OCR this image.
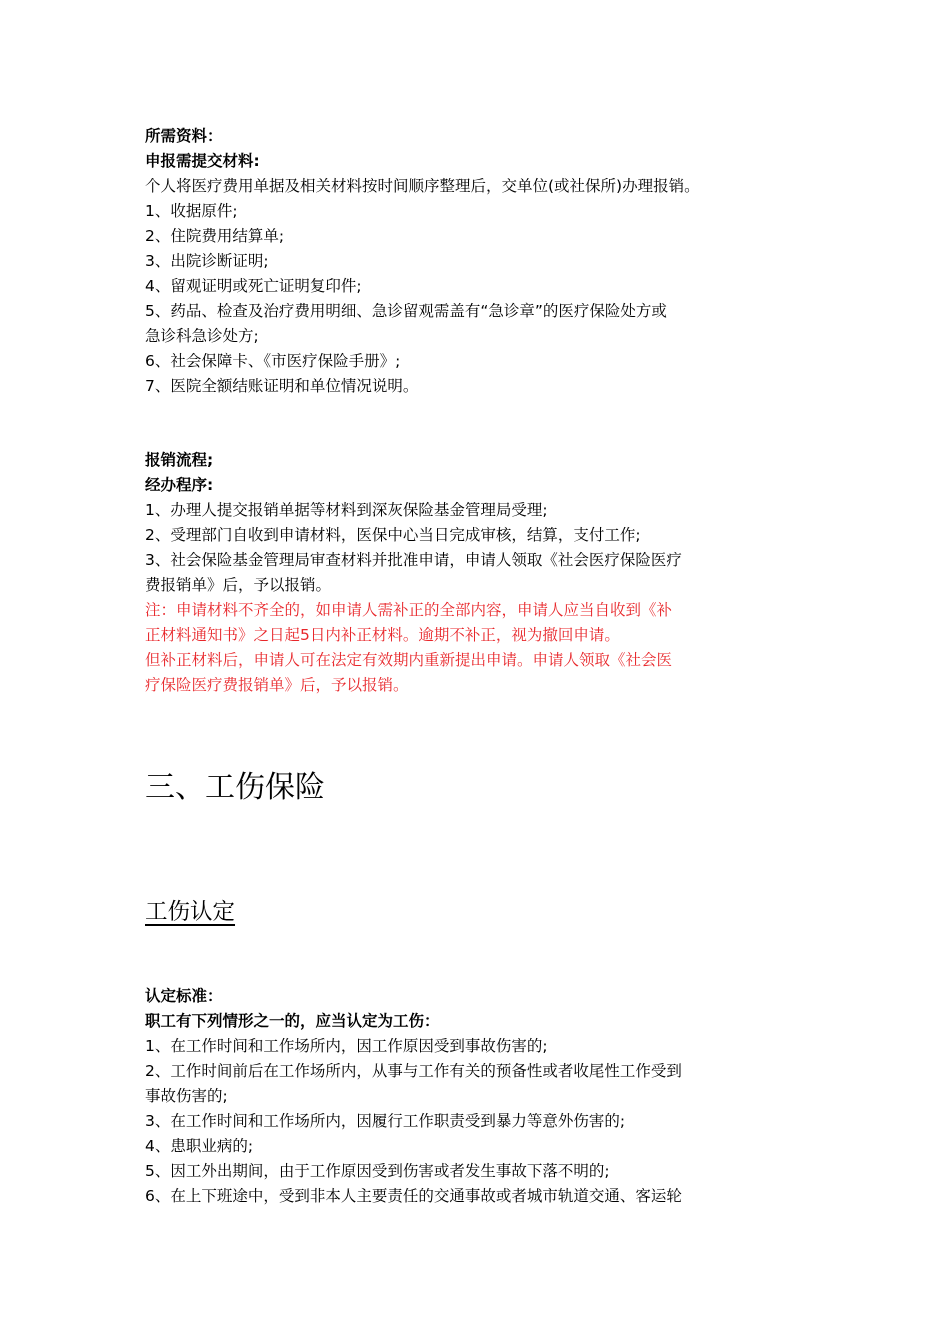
所需资料：

申报需提交材料:

个人将医疗费用单据及相关材料按时间顺序整理后，交单位(或社保所)办理报销。

1、收据原件;

2、住院费用结算单;

3、出院诊断证明;

4、留观证明或死亡证明复印件;

5、药品、检查及治疗费用明细、急诊留观需盖有“急诊章”的医疗保险处方或

急诊科急诊处方;

6、社会保障卡、《市医疗保险手册》;

7、医院全额结账证明和单位情况说明。

报销流程;

经办程序:

1、办理人提交报销单据等材料到深灰保险基金管理局受理;

2、受理部门自收到申请材料，医保中心当日完成审核，结算，支付工作;

3、社会保险基金管理局审查材料并批准申请，申请人领取《社会医疗保险医疗

费报销单》后，予以报销。

注：申请材料不齐全的，如申请人需补正的全部内容，申请人应当自收到《补

正材料通知书》之日起5日内补正材料。逾期不补正，视为撤回申请。

但补正材料后，申请人可在法定有效期内重新提出申请。申请人领取《社会医

疗保险医疗费报销单》后，予以报销。

三、工伤保险
工伤认定

认定标准：

职工有下列情形之一的，应当认定为工伤：

1、在工作时间和工作场所内，因工作原因受到事故伤害的;

2、工作时间前后在工作场所内，从事与工作有关的预备性或者收尾性工作受到

事故伤害的;

3、在工作时间和工作场所内，因履行工作职责受到暴力等意外伤害的;

4、患职业病的;

5、因工外出期间，由于工作原因受到伤害或者发生事故下落不明的;

6、在上下班途中，受到非本人主要责任的交通事故或者城市轨道交通、客运轮
